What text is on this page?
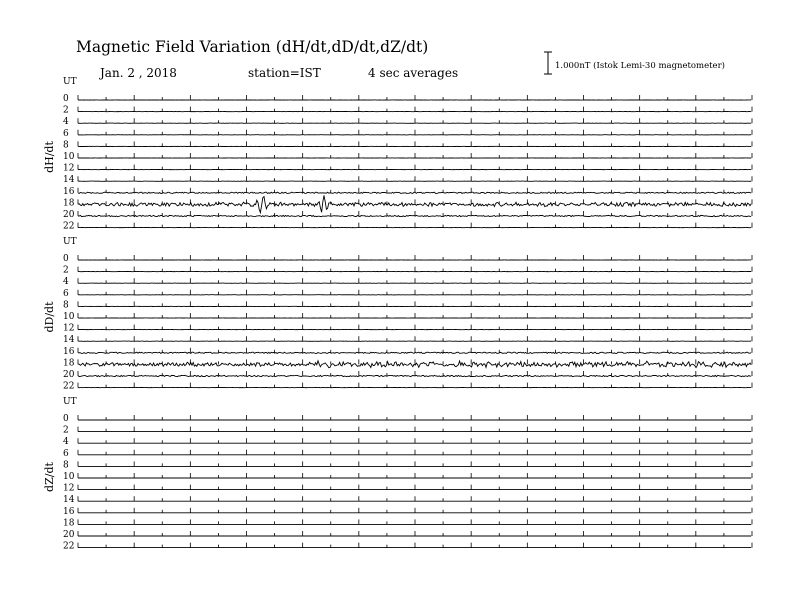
Magnetic Field Variation (dH/dt,dD/dt,dZ/dt)
Jan. 2 , 2018	station=IST	4 sec averages	1.000nT (Istok Lemi-30 magnetometer)
UT
dH/dt
0
2
4
6
8
10
12
14
16
18
20
22
UT
dD/dt
0
2
4
6
8
10
12
14
16
18
20
22
UT
dZ/dt
0
2
4
6
8
10
12
14
16
18
20
22
